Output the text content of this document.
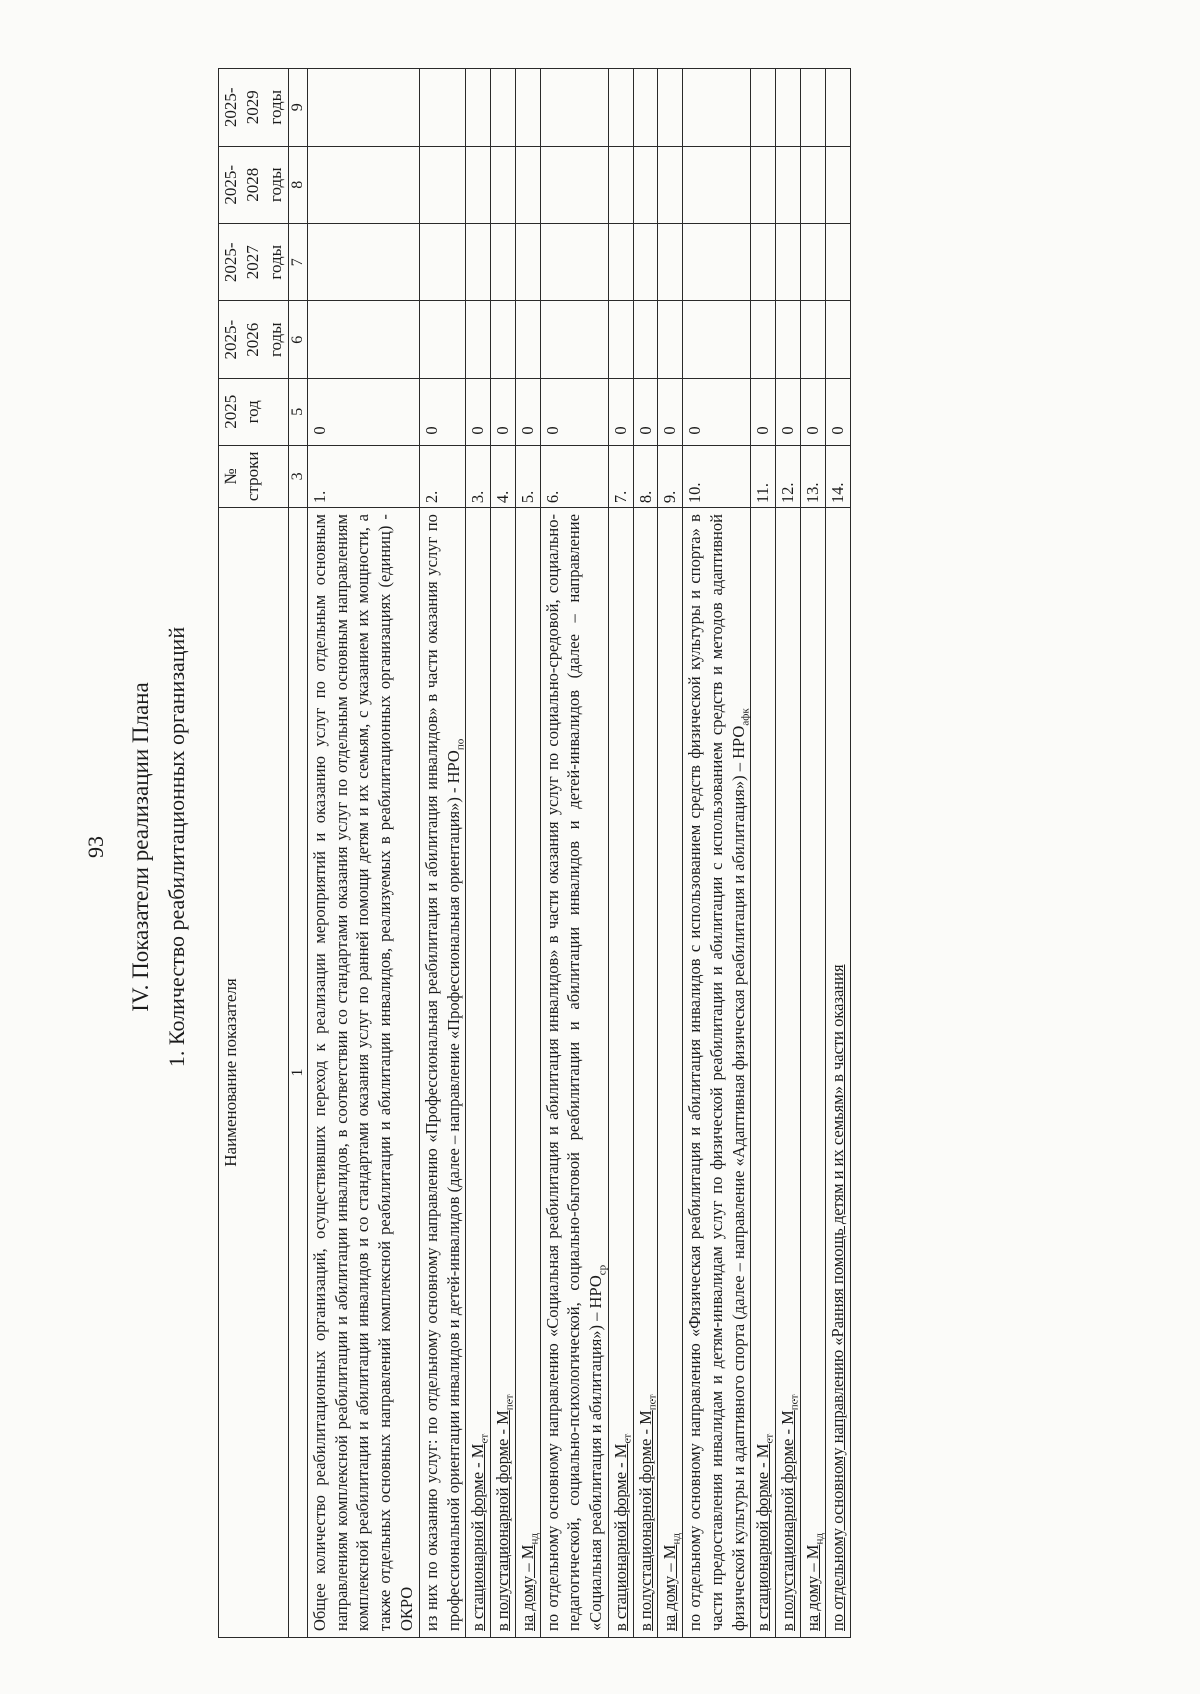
93 IV. Показатели реализации Плана 1. Количество реабилитационных организаций
Наименование показателя	№ строки	2025 год	2025-2026 годы	2025-2027 годы	2025-2028 годы	2025-2029 годы
1	3	5	6	7	8	9
Общее количество реабилитационных организаций, осуществивших переход к реализации мероприятий и оказанию услуг по отдельным основным направлениям комплексной реабилитации и абилитации инвалидов, в соответствии со стандартами оказания услуг по отдельным основным направлениям комплексной реабилитации и абилитации инвалидов и со стандартами оказания услуг по ранней помощи детям и их семьям, с указанием их мощности, а также отдельных основных направлений комплексной реабилитации и абилитации инвалидов, реализуемых в реабилитационных организациях (единиц) - ОКРО	1.	0				
из них по оказанию услуг: по отдельному основному направлению «Профессиональная реабилитация и абилитация инвалидов» в части оказания услуг по профессиональной ориентации инвалидов и детей-инвалидов (далее – направление «Профессиональная ориентация») - $НРО_{по}$	2.	0				
в стационарной форме - $М_{ст}$	3.	0				
в полустационарной форме - $М_{пст}$	4.	0				
на дому – $М_{нд}$	5.	0				
по отдельному основному направлению «Социальная реабилитация и абилитация инвалидов» в части оказания услуг по социально-средовой, социально-педагогической, социально-психологической, социально-бытовой реабилитации и абилитации инвалидов и детей-инвалидов (далее – направление «Социальная реабилитация и абилитация») – $НРО_{ср}$	6.	0				
в стационарной форме - $М_{ст}$	7.	0				
в полустационарной форме - $М_{пст}$	8.	0				
на дому – $М_{нд}$	9.	0				
по отдельному основному направлению «Физическая реабилитация и абилитация инвалидов с использованием средств физической культуры и спорта» в части предоставления инвалидам и детям-инвалидам услуг по физической реабилитации и абилитации с использованием средств и методов адаптивной физической культуры и адаптивного спорта (далее – направление «Адаптивная физическая реабилитация и абилитация») – $НРО_{афк}$	10.	0				
в стационарной форме - $М_{ст}$	11.	0				
в полустационарной форме - $М_{пст}$	12.	0				
на дому – $М_{нд}$	13.	0				
по отдельному основному направлению «Ранняя помощь детям и их семьям» в части оказания	14.	0				
